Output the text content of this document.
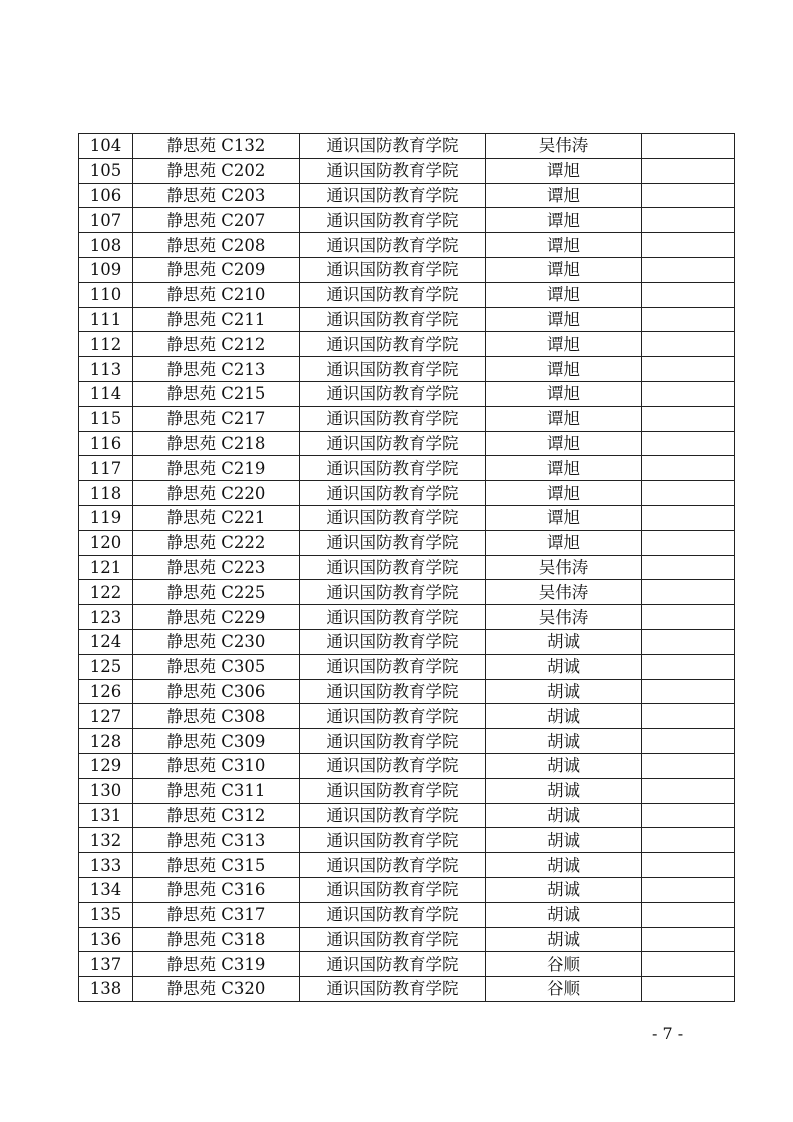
104	静思苑 C132	通识国防教育学院	吴伟涛	
105	静思苑 C202	通识国防教育学院	谭旭	
106	静思苑 C203	通识国防教育学院	谭旭	
107	静思苑 C207	通识国防教育学院	谭旭	
108	静思苑 C208	通识国防教育学院	谭旭	
109	静思苑 C209	通识国防教育学院	谭旭	
110	静思苑 C210	通识国防教育学院	谭旭	
111	静思苑 C211	通识国防教育学院	谭旭	
112	静思苑 C212	通识国防教育学院	谭旭	
113	静思苑 C213	通识国防教育学院	谭旭	
114	静思苑 C215	通识国防教育学院	谭旭	
115	静思苑 C217	通识国防教育学院	谭旭	
116	静思苑 C218	通识国防教育学院	谭旭	
117	静思苑 C219	通识国防教育学院	谭旭	
118	静思苑 C220	通识国防教育学院	谭旭	
119	静思苑 C221	通识国防教育学院	谭旭	
120	静思苑 C222	通识国防教育学院	谭旭	
121	静思苑 C223	通识国防教育学院	吴伟涛	
122	静思苑 C225	通识国防教育学院	吴伟涛	
123	静思苑 C229	通识国防教育学院	吴伟涛	
124	静思苑 C230	通识国防教育学院	胡诚	
125	静思苑 C305	通识国防教育学院	胡诚	
126	静思苑 C306	通识国防教育学院	胡诚	
127	静思苑 C308	通识国防教育学院	胡诚	
128	静思苑 C309	通识国防教育学院	胡诚	
129	静思苑 C310	通识国防教育学院	胡诚	
130	静思苑 C311	通识国防教育学院	胡诚	
131	静思苑 C312	通识国防教育学院	胡诚	
132	静思苑 C313	通识国防教育学院	胡诚	
133	静思苑 C315	通识国防教育学院	胡诚	
134	静思苑 C316	通识国防教育学院	胡诚	
135	静思苑 C317	通识国防教育学院	胡诚	
136	静思苑 C318	通识国防教育学院	胡诚	
137	静思苑 C319	通识国防教育学院	谷顺	
138	静思苑 C320	通识国防教育学院	谷顺	
- 7 -
